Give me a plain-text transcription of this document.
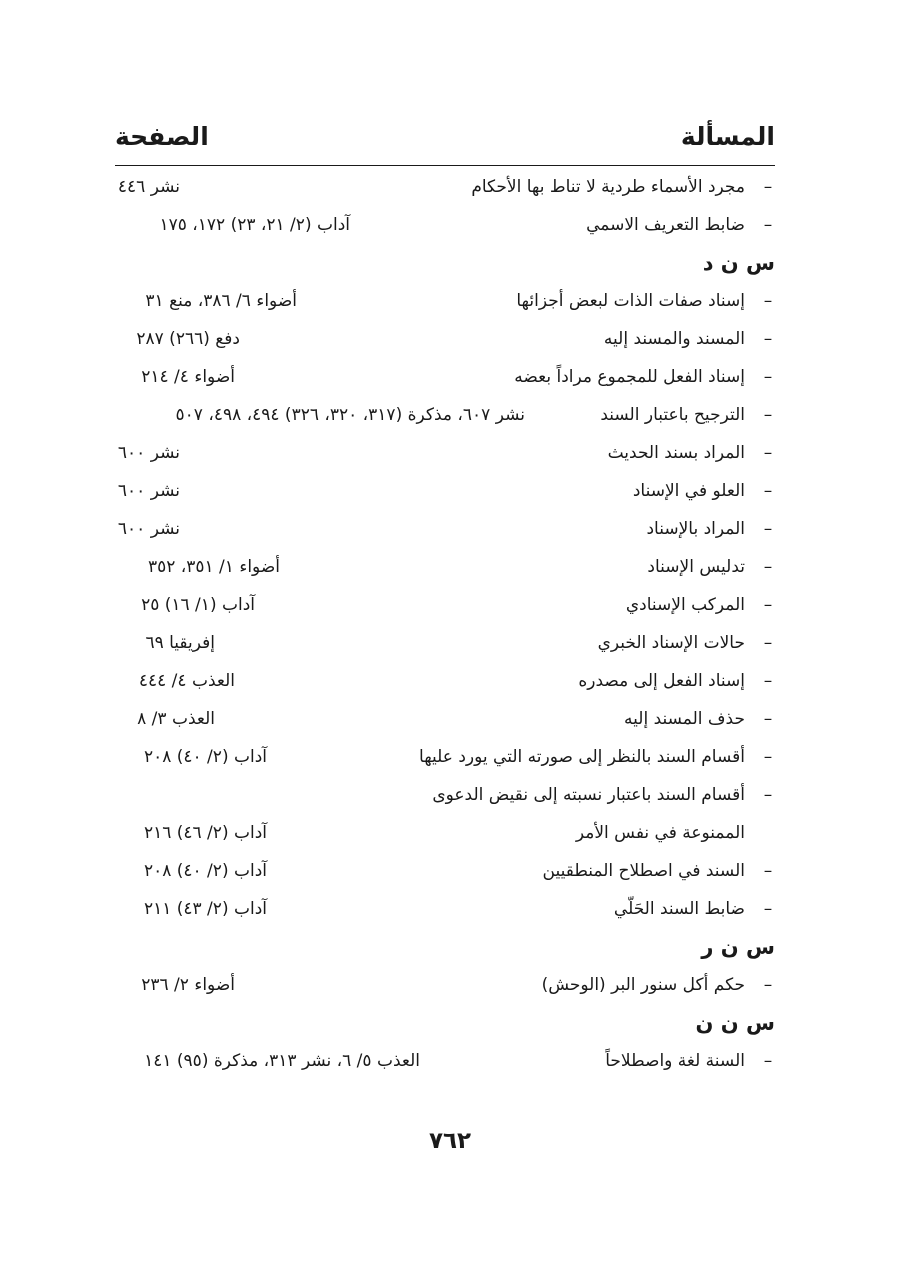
المسألة
الصفحة
–
مجرد الأسماء طردية لا تناط بها الأحكام
نشر ٤٤٦
–
ضابط التعريف الاسمي
آداب (٢/ ٢١، ٢٣) ١٧٢، ١٧٥
س ن د
–
إسناد صفات الذات لبعض أجزائها
أضواء ٦/ ٣٨٦، منع ٣١
–
المسند والمسند إليه
دفع (٢٦٦) ٢٨٧
–
إسناد الفعل للمجموع مراداً بعضه
أضواء ٤/ ٢١٤
–
الترجيح باعتبار السند
نشر ٦٠٧، مذكرة (٣١٧، ٣٢٠، ٣٢٦) ٤٩٤، ٤٩٨، ٥٠٧
–
المراد بسند الحديث
نشر ٦٠٠
–
العلو في الإسناد
نشر ٦٠٠
–
المراد بالإسناد
نشر ٦٠٠
–
تدليس الإسناد
أضواء ١/ ٣٥١، ٣٥٢
–
المركب الإسنادي
آداب (١/ ١٦) ٢٥
–
حالات الإسناد الخبري
إفريقيا ٦٩
–
إسناد الفعل إلى مصدره
العذب ٤/ ٤٤٤
–
حذف المسند إليه
العذب ٣/ ٨
–
أقسام السند بالنظر إلى صورته التي يورد عليها
آداب (٢/ ٤٠) ٢٠٨
–
أقسام السند باعتبار نسبته إلى نقيض الدعوى
الممنوعة في نفس الأمر
آداب (٢/ ٤٦) ٢١٦
–
السند في اصطلاح المنطقيين
آداب (٢/ ٤٠) ٢٠٨
–
ضابط السند الحَلّي
آداب (٢/ ٤٣) ٢١١
س ن ر
–
حكم أكل سنور البر (الوحش)
أضواء ٢/ ٢٣٦
س ن ن
–
السنة لغة واصطلاحاً
العذب ٥/ ٦، نشر ٣١٣، مذكرة (٩٥) ١٤١
٧٦٢
